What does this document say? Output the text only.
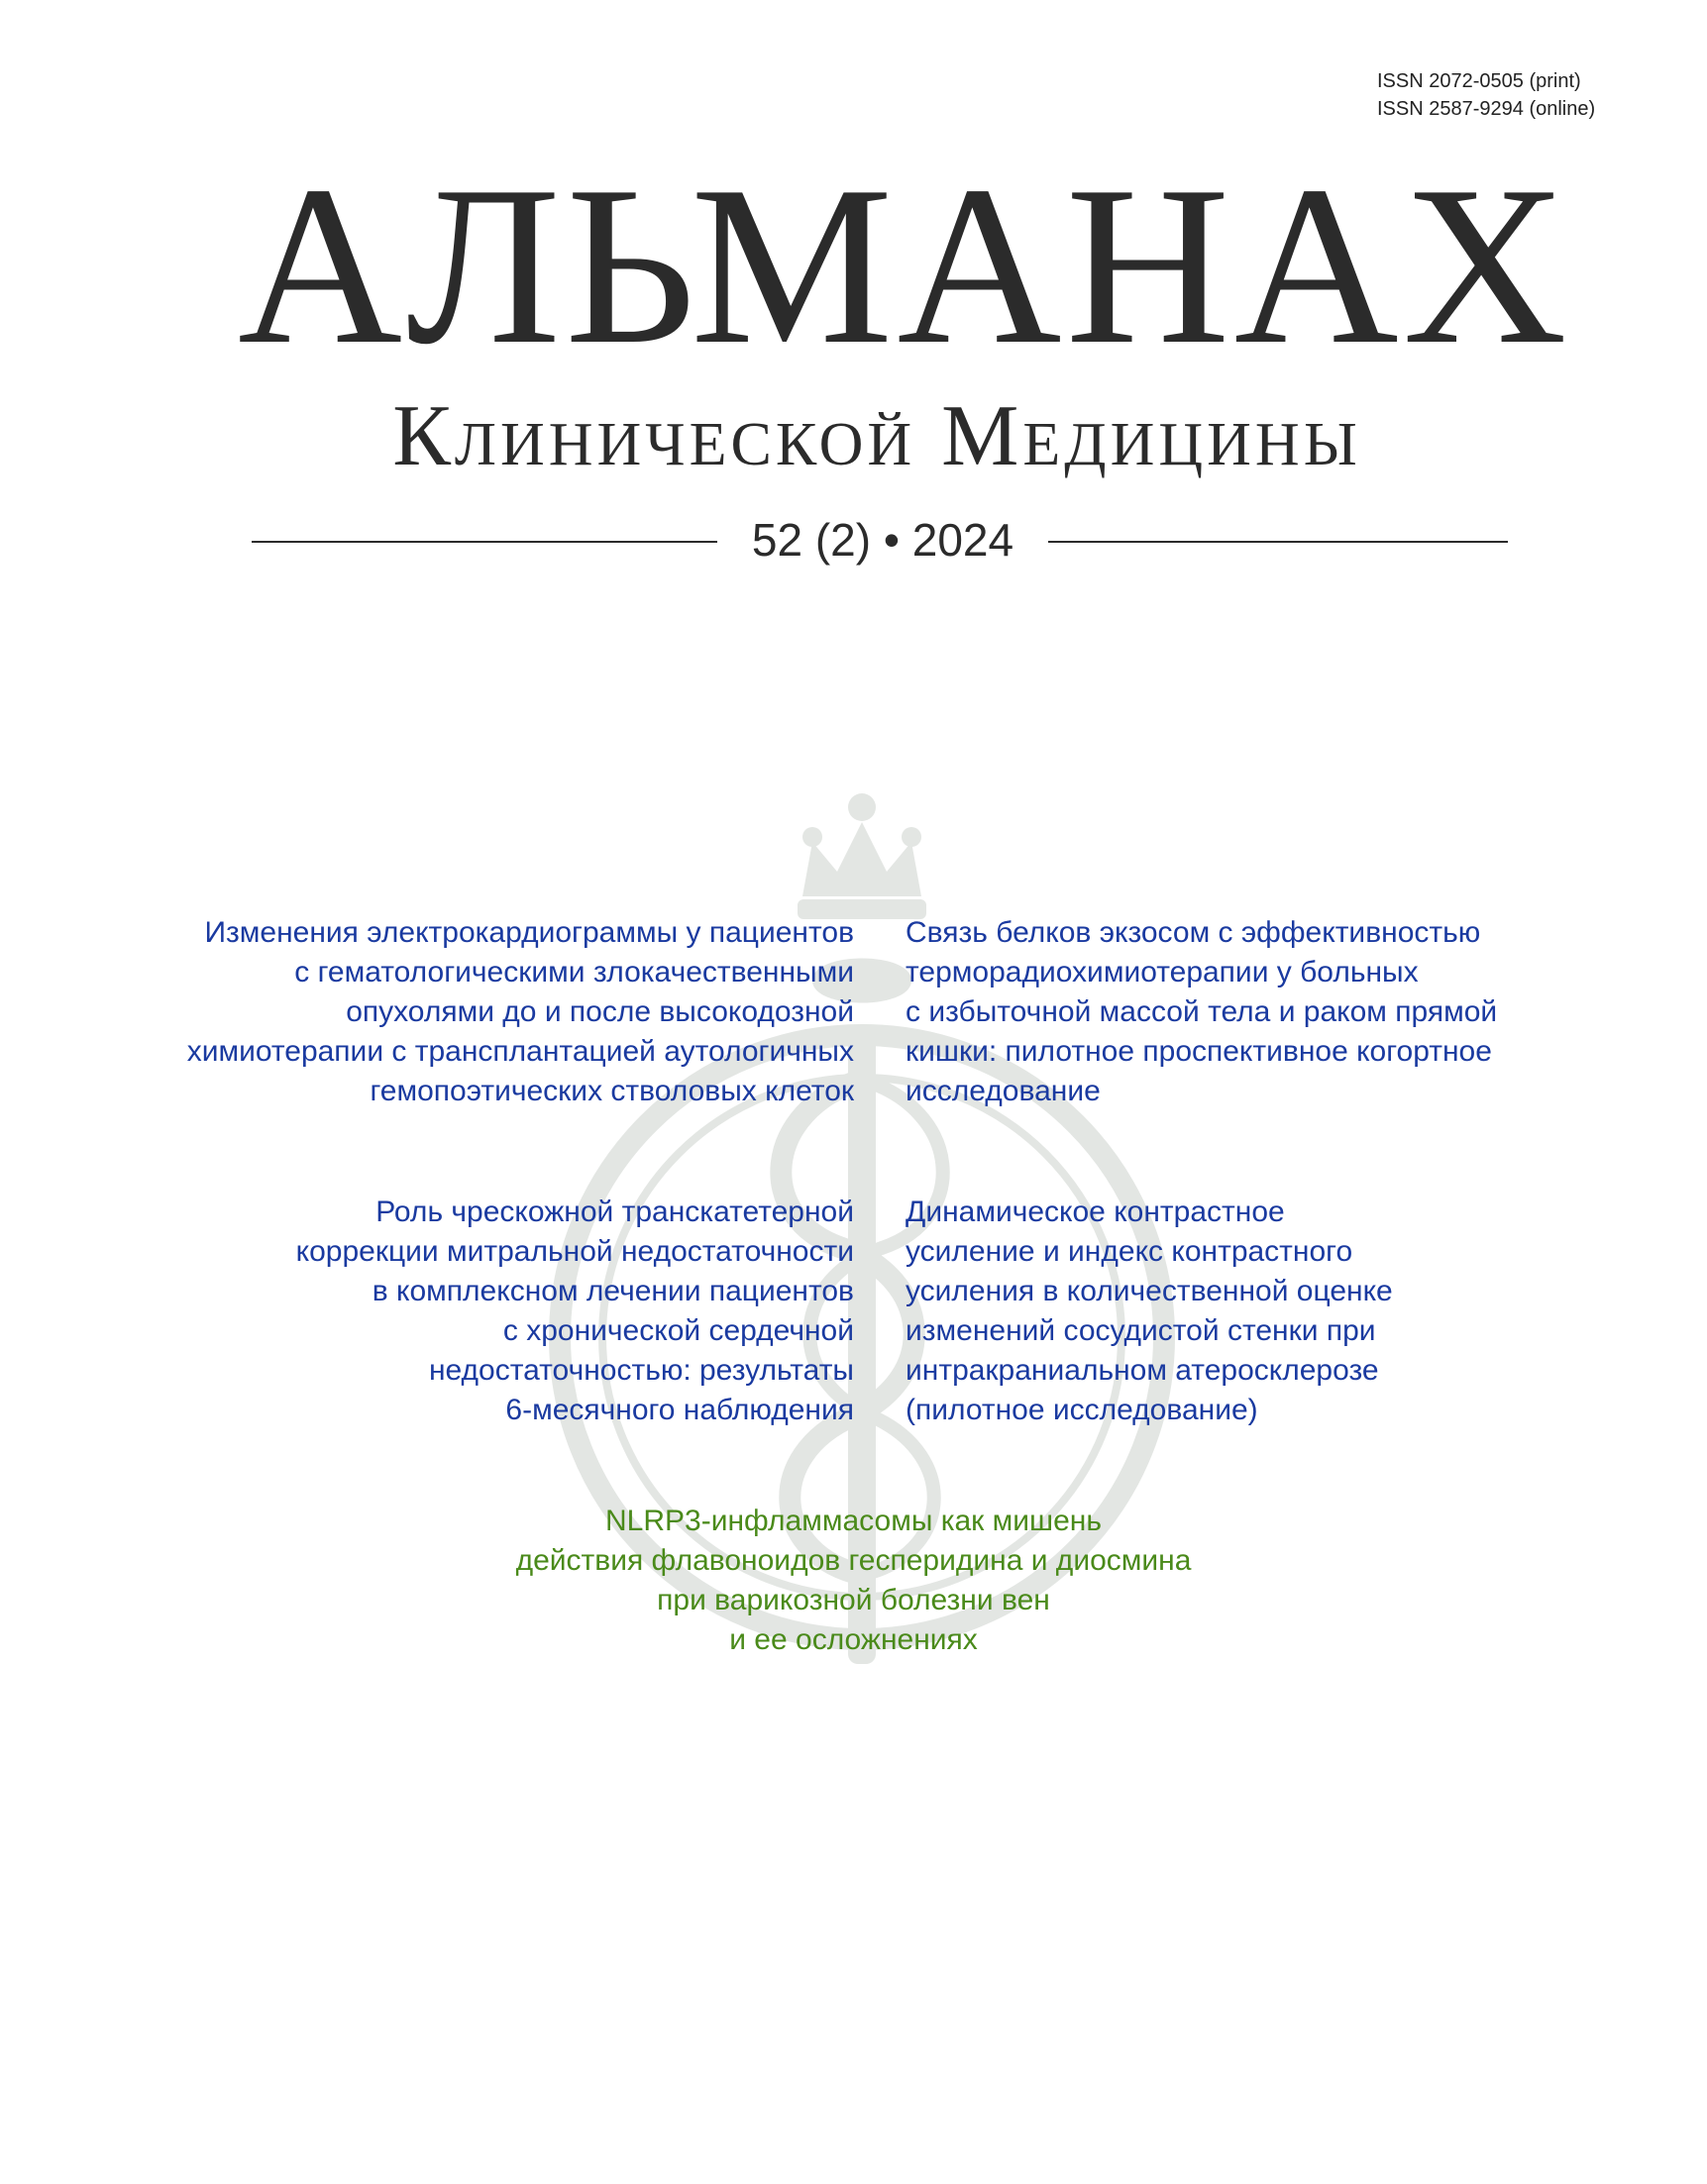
ISSN 2072-0505 (print)
ISSN 2587-9294 (online)
АЛЬМАНАХ
Клинической Медицины
52 (2) • 2024
Изменения электрокардиограммы у пациентов
с гематологическими злокачественными
опухолями до и после высокодозной
химиотерапии с трансплантацией аутологичных
гемопоэтических стволовых клеток
Связь белков экзосом с эффективностью
терморадиохимиотерапии у больных
с избыточной массой тела и раком прямой
кишки: пилотное проспективное когортное
исследование
Роль чрескожной транскатетерной
коррекции митральной недостаточности
в комплексном лечении пациентов
с хронической сердечной
недостаточностью: результаты
6-месячного наблюдения
Динамическое контрастное
усиление и индекс контрастного
усиления в количественной оценке
изменений сосудистой стенки при
интракраниальном атеросклерозе
(пилотное исследование)
NLRP3-инфламмасомы как мишень
действия флавоноидов гесперидина и диосмина
при варикозной болезни вен
и ее осложнениях
